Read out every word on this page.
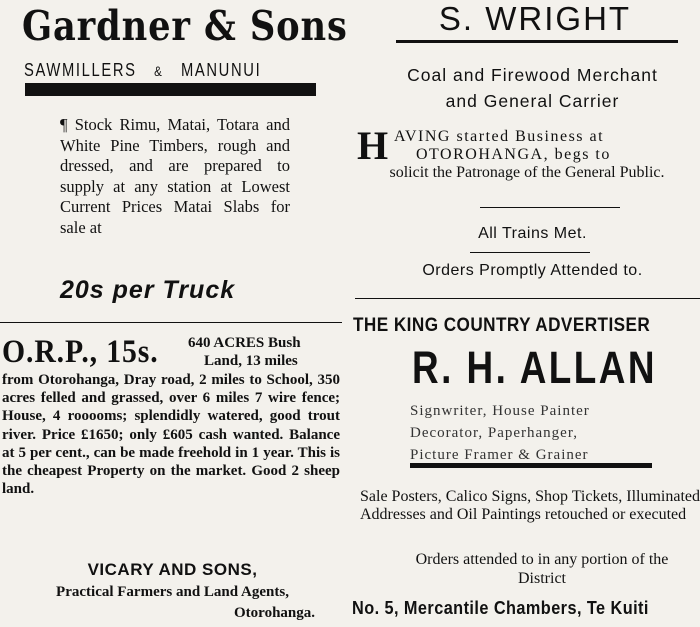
Gardner & Sons
SAWMILLERS & MANUNUI
¶ Stock Rimu, Matai, Totara and White Pine Timbers, rough and dressed, and are prepared to supply at any station at Lowest Current Prices Matai Slabs for sale at
20s per Truck
S. WRIGHT
Coal and Firewood Merchant
and General Carrier
H AVING started Business at
OTOROHANGA, begs to
solicit the Patronage of the General Public.
All Trains Met.
Orders Promptly Attended to.
O.R.P., 15s. 640 ACRES Bush
Land, 13 miles
from Otorohanga, Dray road, 2 miles to School, 350 acres felled and grassed, over 6 miles 7 wire fence; House, 4 rooooms; splendidly watered, good trout river. Price £1650; only £605 cash wanted. Balance at 5 per cent., can be made freehold in 1 year. This is the cheapest Property on the market. Good 2 sheep land.
VICARY AND SONS,
Practical Farmers and Land Agents,
Otorohanga.
THE KING COUNTRY ADVERTISER
R. H. ALLAN
Signwriter, House Painter
Decorator, Paperhanger,
Picture Framer & Grainer
Sale Posters, Calico Signs, Shop Tickets, Illuminated Addresses and Oil Paintings retouched or executed
Orders attended to in any portion of the District
No. 5, Mercantile Chambers, Te Kuiti
